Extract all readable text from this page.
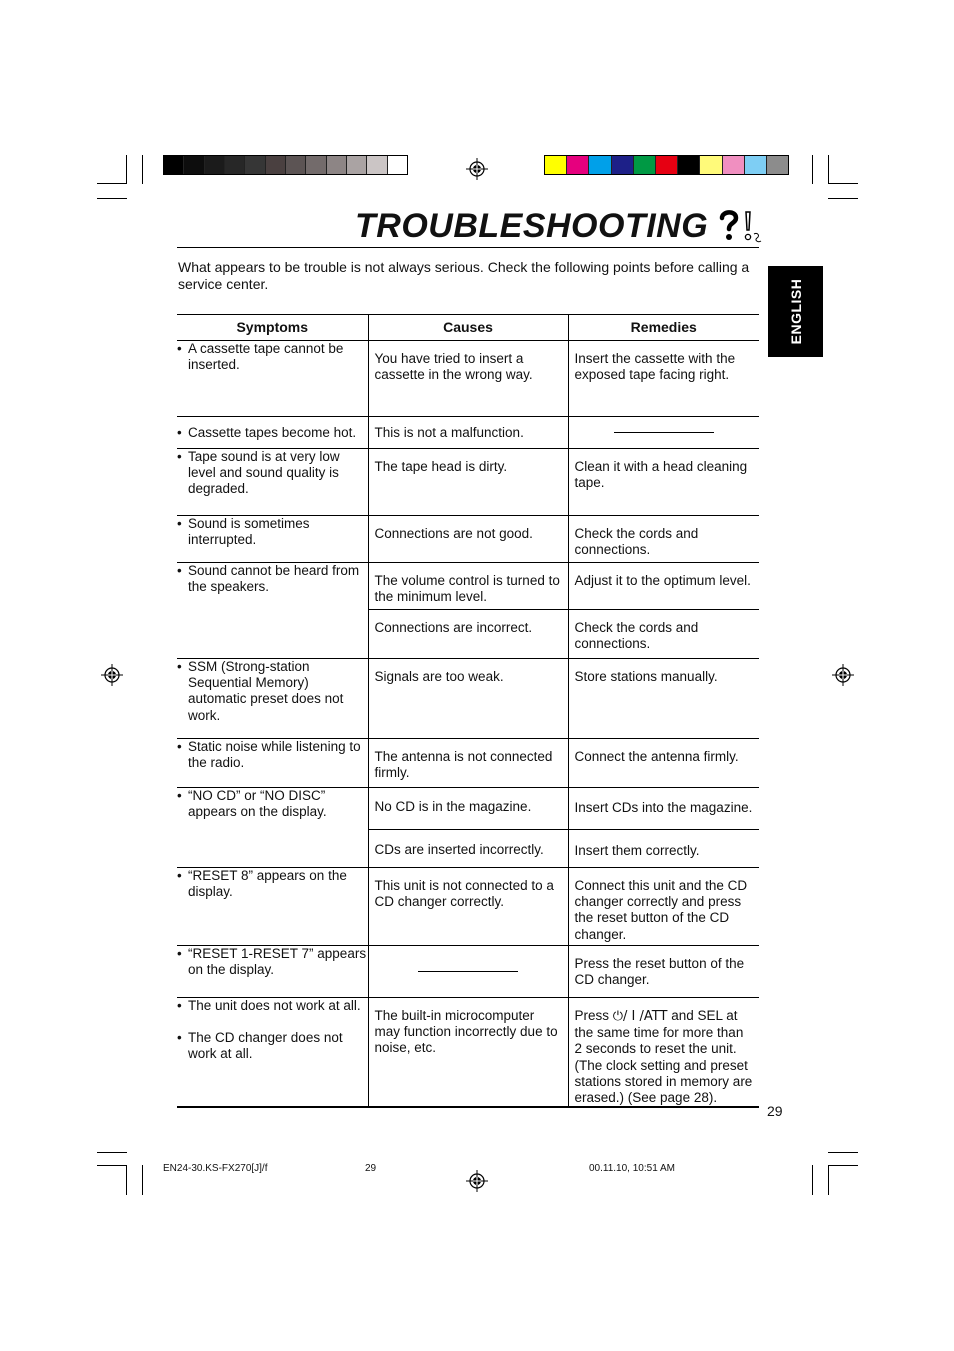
TROUBLESHOOTING
What appears to be trouble is not always serious. Check the following points before calling a service center.	ENGLISH
Symptoms	Causes	Remedies

• A cassette tape cannot be inserted.	You have tried to insert a cassette in the wrong way.	Insert the cassette with the exposed tape facing right.

• Cassette tapes become hot.	This is not a malfunction.	

• Tape sound is at very low level and sound quality is degraded.	The tape head is dirty.	Clean it with a head cleaning tape.

• Sound is sometimes interrupted.	Connections are not good.	Check the cords and connections.

• Sound cannot be heard from the speakers.	The volume control is turned to the minimum level.	Adjust it to the optimum level.

	Connections are incorrect.	Check the cords and connections.

• SSM (Strong-station Sequential Memory) automatic preset does not work.	Signals are too weak.	Store stations manually.

• Static noise while listening to the radio.	The antenna is not connected firmly.	Connect the antenna firmly.

• “NO CD” or “NO DISC” appears on the display.	No CD is in the magazine.	Insert CDs into the magazine.

	CDs are inserted incorrectly.	Insert them correctly.

• “RESET 8” appears on the display.	This unit is not connected to a CD changer correctly.	Connect this unit and the CD changer correctly and press the reset button of the CD changer.

• “RESET 1-RESET 7” appears on the display.		Press the reset button of the CD changer.

• The unit does not work at all.
• The CD changer does not work at all.	The built-in microcomputer may function incorrectly due to noise, etc.	Press ⏻/ I /ATT and SEL at the same time for more than 2 seconds to reset the unit. (The clock setting and preset stations stored in memory are erased.) (See page 28).
29
EN24-30.KS-FX270[J]/f	29	00.11.10, 10:51 AM
